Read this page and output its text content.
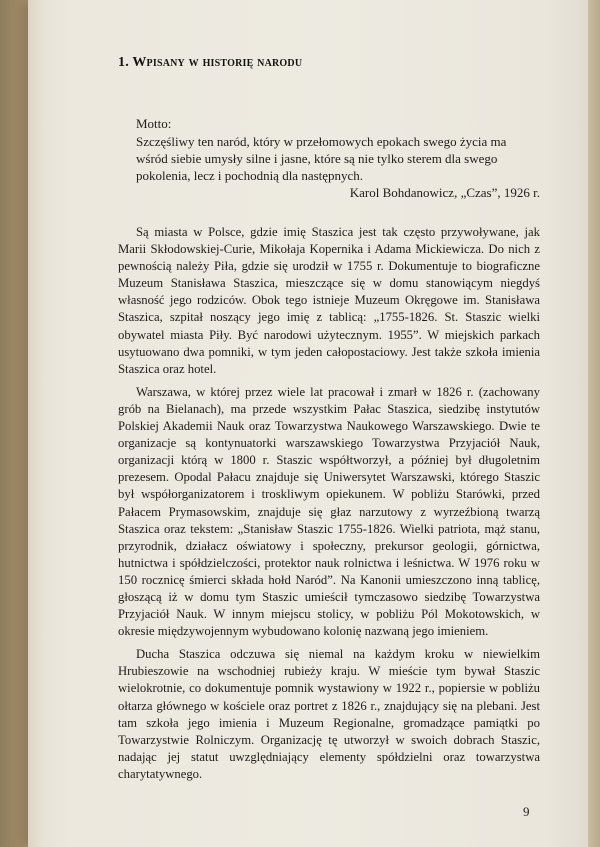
1. Wpisany w historię narodu

Motto:

Szczęśliwy ten naród, który w przełomowych epokach swego życia ma wśród siebie umysły silne i jasne, które są nie tylko sterem dla swego pokolenia, lecz i pochodnią dla następnych.

Karol Bohdanowicz, „Czas”, 1926 r.

Są miasta w Polsce, gdzie imię Staszica jest tak często przywoływane, jak Marii Skłodowskiej-Curie, Mikołaja Kopernika i Adama Mickiewicza. Do nich z pewnością należy Piła, gdzie się urodził w 1755 r. Dokumentuje to biograficzne Muzeum Stanisława Staszica, mieszczące się w domu stanowiącym niegdyś własność jego rodziców. Obok tego istnieje Muzeum Okręgowe im. Stanisława Staszica, szpitał noszący jego imię z tablicą: „1755-1826. St. Staszic wielki obywatel miasta Piły. Być narodowi użytecznym. 1955”. W miejskich parkach usytuowano dwa pomniki, w tym jeden całopostaciowy. Jest także szkoła imienia Staszica oraz hotel.

Warszawa, w której przez wiele lat pracował i zmarł w 1826 r. (zachowany grób na Bielanach), ma przede wszystkim Pałac Staszica, siedzibę instytutów Polskiej Akademii Nauk oraz Towarzystwa Naukowego Warszawskiego. Dwie te organizacje są kontynuatorki warszawskiego Towarzystwa Przyjaciół Nauk, organizacji którą w 1800 r. Staszic współtworzył, a później był długoletnim prezesem. Opodal Pałacu znajduje się Uniwersytet Warszawski, którego Staszic był współorganizatorem i troskliwym opiekunem. W pobliżu Starówki, przed Pałacem Prymasowskim, znajduje się głaz narzutowy z wyrzeźbioną twarzą Staszica oraz tekstem: „Stanisław Staszic 1755-1826. Wielki patriota, mąż stanu, przyrodnik, działacz oświatowy i społeczny, prekursor geologii, górnictwa, hutnictwa i spółdzielczości, protektor nauk rolnictwa i leśnictwa. W 1976 roku w 150 rocznicę śmierci składa hołd Naród”. Na Kanonii umieszczono inną tablicę, głoszącą iż w domu tym Staszic umieścił tymczasowo siedzibę Towarzystwa Przyjaciół Nauk. W innym miejscu stolicy, w pobliżu Pól Mokotowskich, w okresie międzywojennym wybudowano kolonię nazwaną jego imieniem.

Ducha Staszica odczuwa się niemal na każdym kroku w niewielkim Hrubieszowie na wschodniej rubieży kraju. W mieście tym bywał Staszic wielokrotnie, co dokumentuje pomnik wystawiony w 1922 r., popiersie w pobliżu ołtarza głównego w kościele oraz portret z 1826 r., znajdujący się na plebani. Jest tam szkoła jego imienia i Muzeum Regionalne, gromadzące pamiątki po Towarzystwie Rolniczym. Organizację tę utworzył w swoich dobrach Staszic, nadając jej statut uwzględniający elementy spółdzielni oraz towarzystwa charytatywnego.

9
